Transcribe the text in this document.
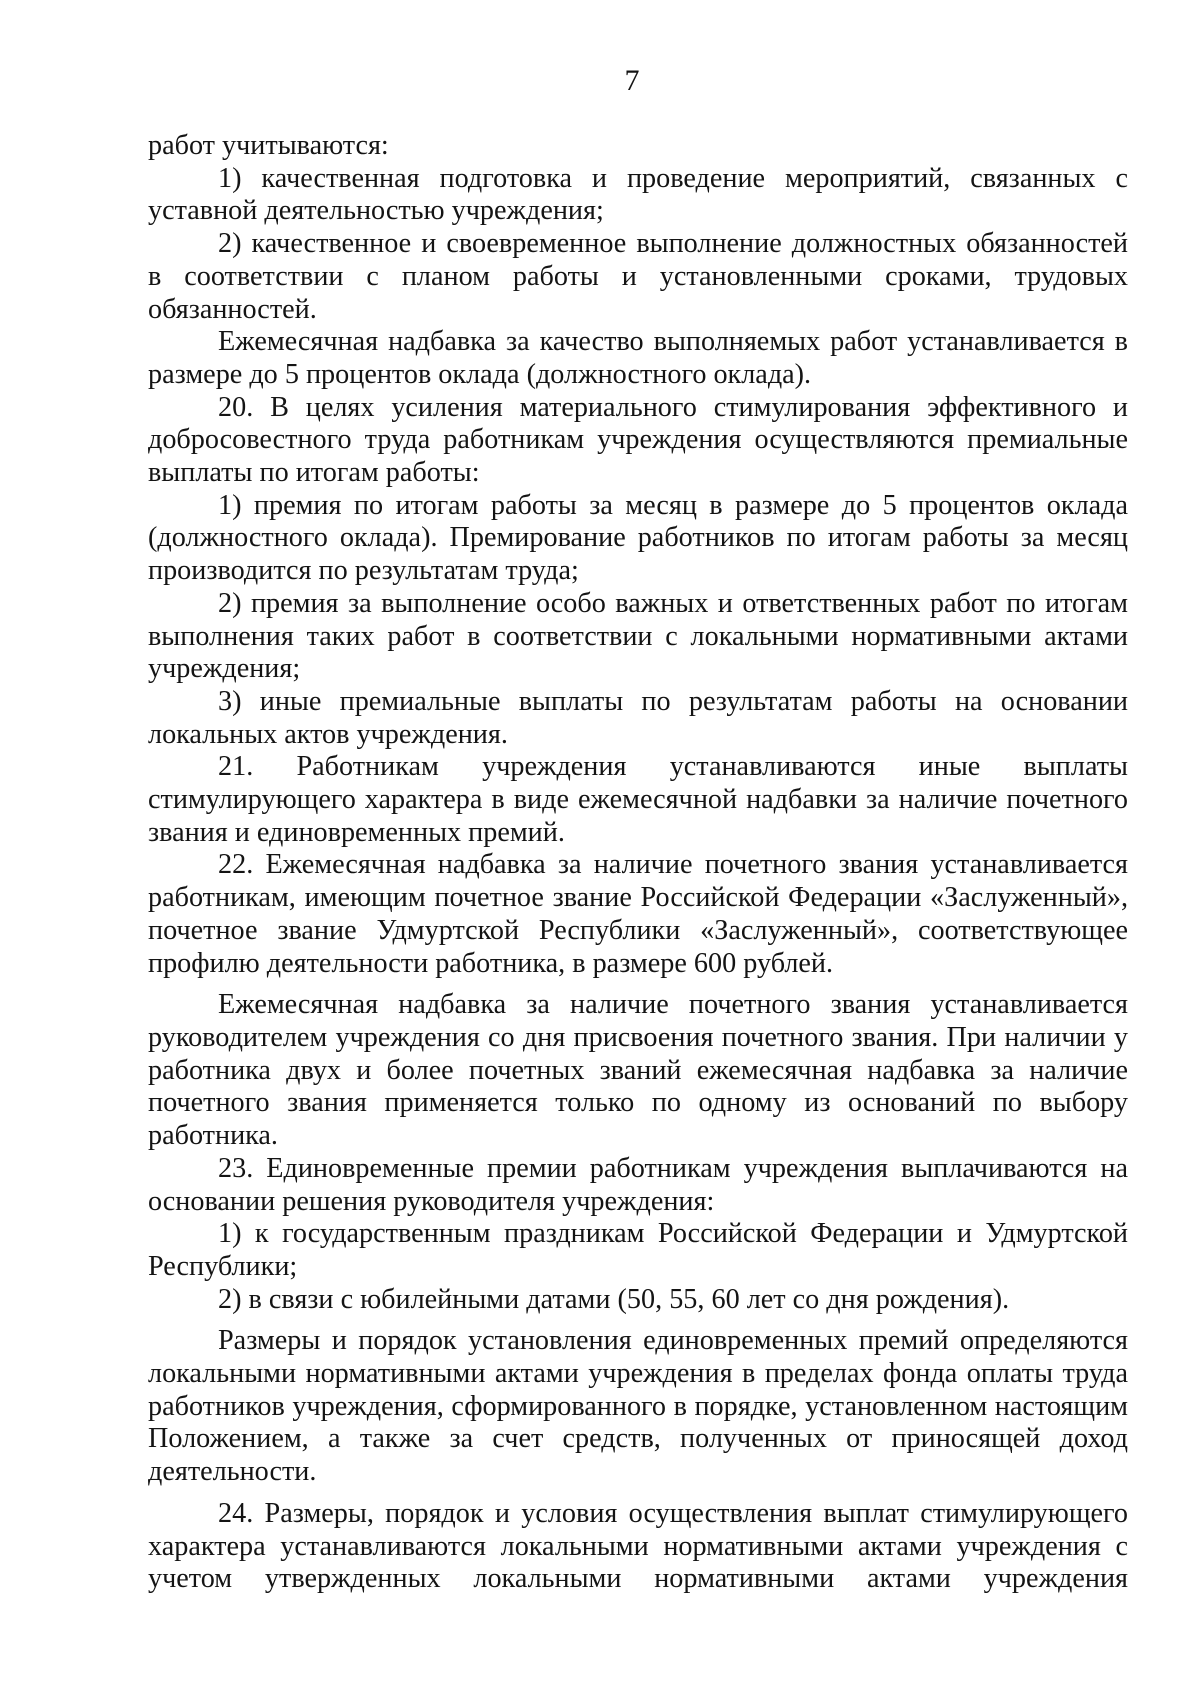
7

работ учитываются:

1) качественная подготовка и проведение мероприятий, связанных с уставной деятельностью учреждения;

2) качественное и своевременное выполнение должностных обязанностей в соответствии с планом работы и установленными сроками, трудовых обязанностей.

Ежемесячная надбавка за качество выполняемых работ устанавливается в размере до 5 процентов оклада (должностного оклада).

20. В целях усиления материального стимулирования эффективного и добросовестного труда работникам учреждения осуществляются премиальные выплаты по итогам работы:

1) премия по итогам работы за месяц в размере до 5 процентов оклада (должностного оклада). Премирование работников по итогам работы за месяц производится по результатам труда;

2) премия за выполнение особо важных и ответственных работ по итогам выполнения таких работ в соответствии с локальными нормативными актами учреждения;

3) иные премиальные выплаты по результатам работы на основании локальных актов учреждения.

21. Работникам учреждения устанавливаются иные выплаты стимулирующего характера в виде ежемесячной надбавки за наличие почетного звания и единовременных премий.

22. Ежемесячная надбавка за наличие почетного звания устанавливается работникам, имеющим почетное звание Российской Федерации «Заслуженный», почетное звание Удмуртской Республики «Заслуженный», соответствующее профилю деятельности работника, в размере 600 рублей.

Ежемесячная надбавка за наличие почетного звания устанавливается руководителем учреждения со дня присвоения почетного звания. При наличии у работника двух и более почетных званий ежемесячная надбавка за наличие почетного звания применяется только по одному из оснований по выбору работника.

23. Единовременные премии работникам учреждения выплачиваются на основании решения руководителя учреждения:

1) к государственным праздникам Российской Федерации и Удмуртской Республики;

2) в связи с юбилейными датами (50, 55, 60 лет со дня рождения).

Размеры и порядок установления единовременных премий определяются локальными нормативными актами учреждения в пределах фонда оплаты труда работников учреждения, сформированного в порядке, установленном настоящим Положением, а также за счет средств, полученных от приносящей доход деятельности.

24. Размеры, порядок и условия осуществления выплат стимулирующего характера устанавливаются локальными нормативными актами учреждения с учетом утвержденных локальными нормативными актами учреждения
